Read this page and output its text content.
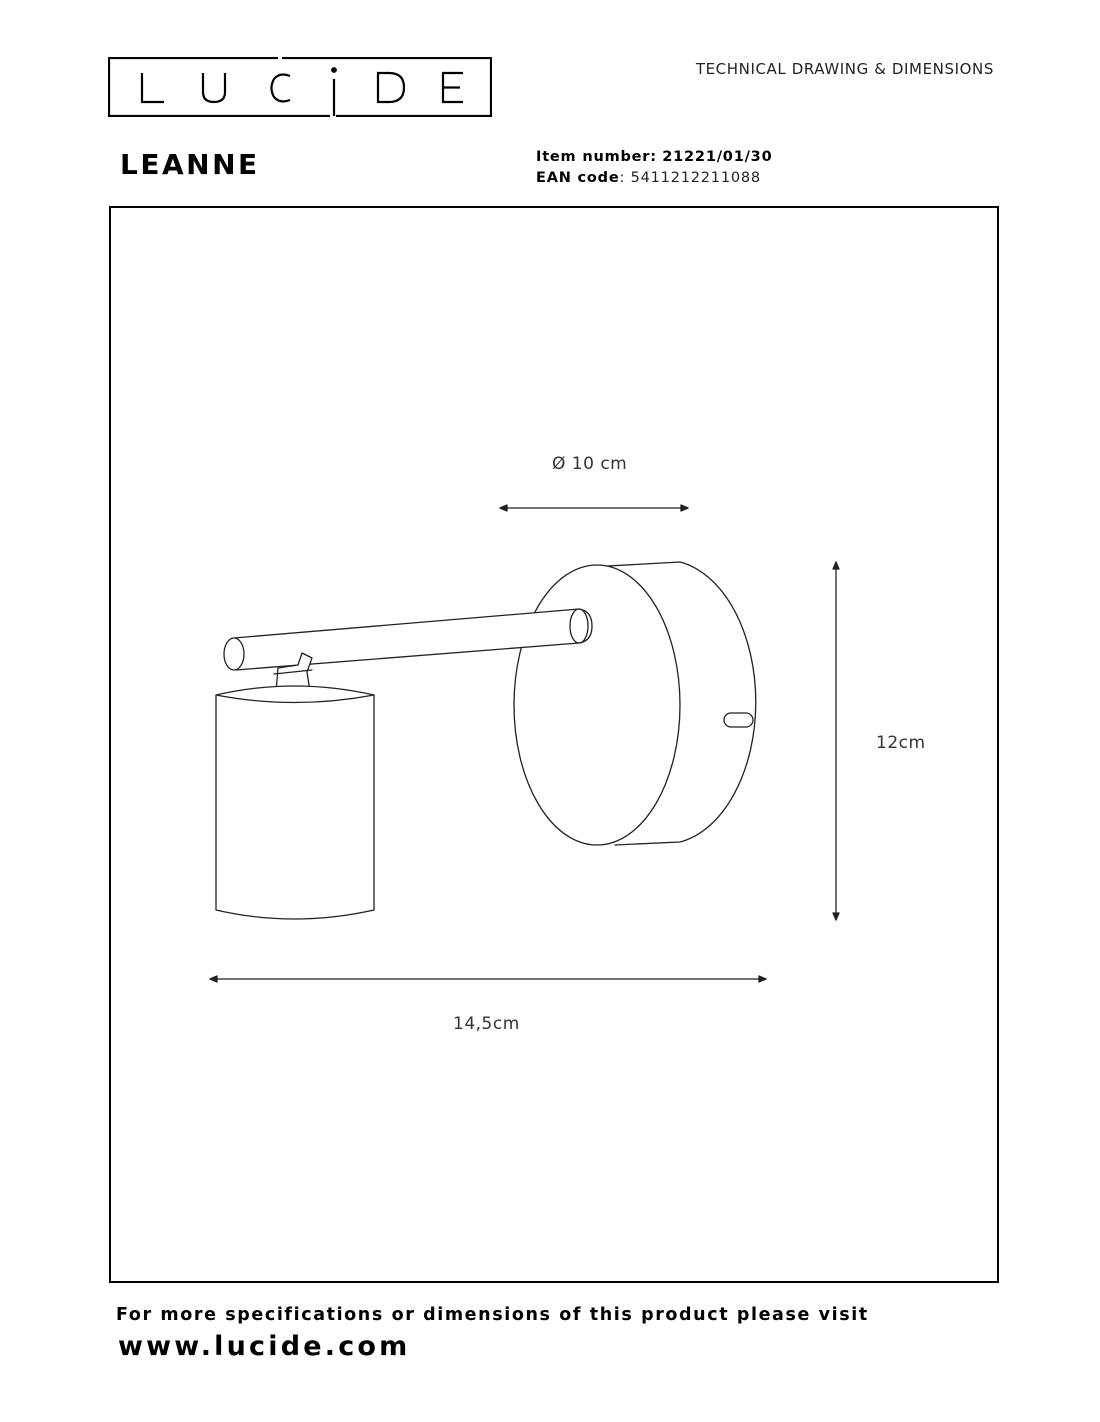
TECHNICAL DRAWING & DIMENSIONS
LEANNE	Item number: 21221/01/30
EAN code: 5411212211088
Ø 10 cm
12cm
14,5cm
For more specifications or dimensions of this product please visit
www.lucide.com
